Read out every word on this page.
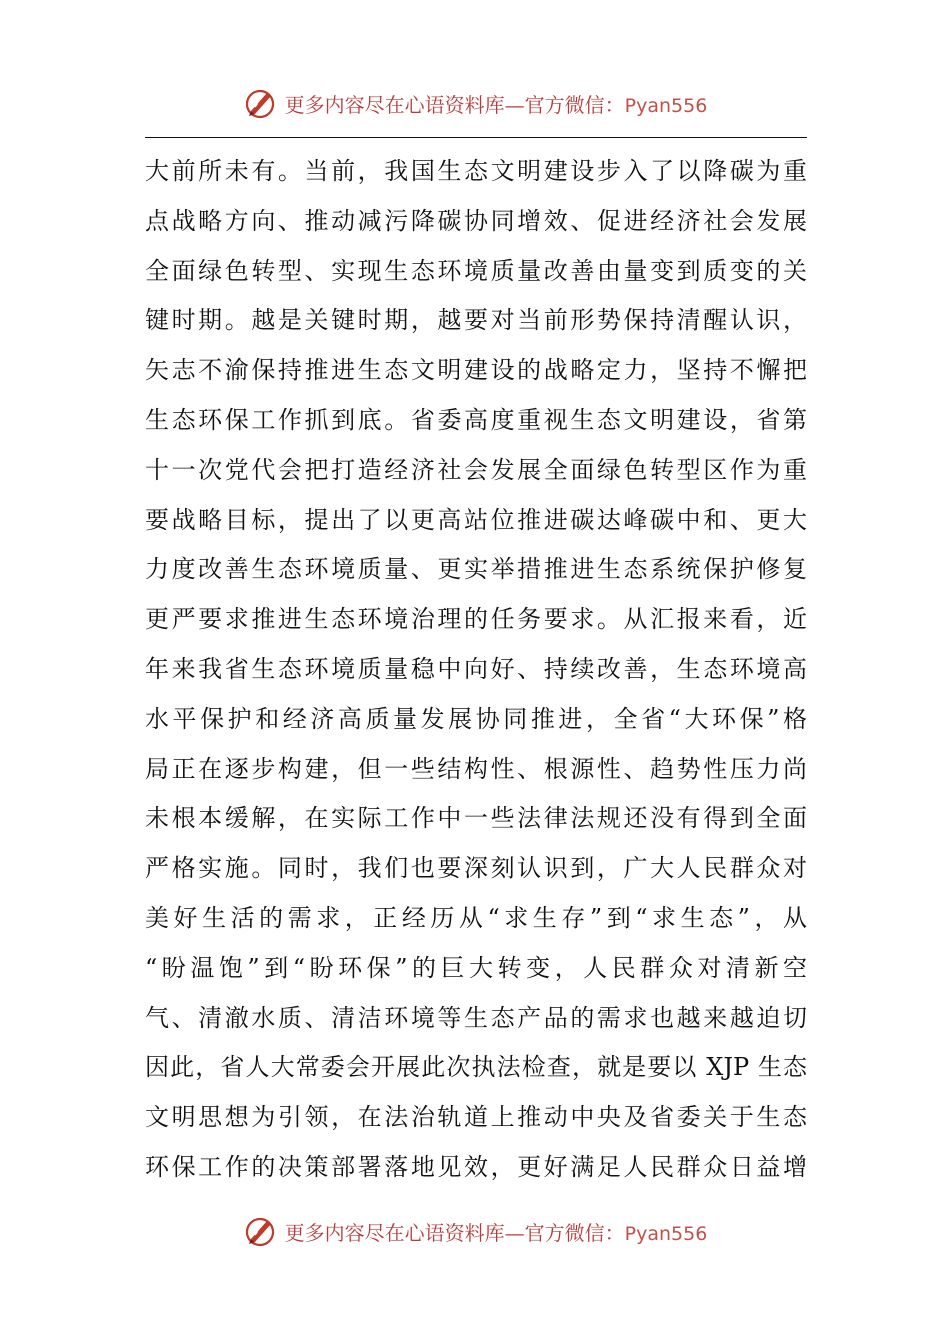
更多内容尽在心语资料库—官方微信：Pyan556
大前所未有。当前，我国生态文明建设步入了以降碳为重
点战略方向、推动减污降碳协同增效、促进经济社会发展
全面绿色转型、实现生态环境质量改善由量变到质变的关
键时期。越是关键时期，越要对当前形势保持清醒认识，
矢志不渝保持推进生态文明建设的战略定力，坚持不懈把
生态环保工作抓到底。省委高度重视生态文明建设，省第
十一次党代会把打造经济社会发展全面绿色转型区作为重
要战略目标，提出了以更高站位推进碳达峰碳中和、更大
力度改善生态环境质量、更实举措推进生态系统保护修复
更严要求推进生态环境治理的任务要求。从汇报来看，近
年来我省生态环境质量稳中向好、持续改善，生态环境高
水平保护和经济高质量发展协同推进，全省“大环保”格
局正在逐步构建，但一些结构性、根源性、趋势性压力尚
未根本缓解，在实际工作中一些法律法规还没有得到全面
严格实施。同时，我们也要深刻认识到，广大人民群众对
美好生活的需求，正经历从“求生存”到“求生态”，从
“盼温饱”到“盼环保”的巨大转变，人民群众对清新空
气、清澈水质、清洁环境等生态产品的需求也越来越迫切
因此，省人大常委会开展此次执法检查，就是要以 XJP 生态
文明思想为引领，在法治轨道上推动中央及省委关于生态
环保工作的决策部署落地见效，更好满足人民群众日益增
更多内容尽在心语资料库—官方微信：Pyan556
